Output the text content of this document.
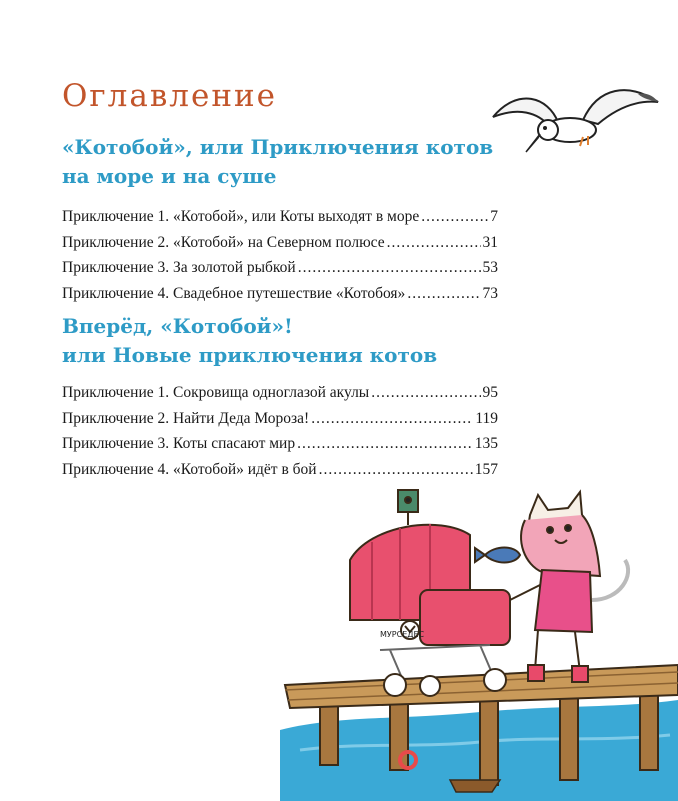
Оглавление
«Котобой», или Приключения котов
на море и на суше
Приключение 1. «Котобой», или Коты выходят в море .....	7
Приключение 2. «Котобой» на Северном полюсе .....	31
Приключение 3. За золотой рыбкой .....	53
Приключение 4. Свадебное путешествие «Котобоя» .....	73
Вперёд, «Котобой»!
или Новые приключения котов
Приключение 1. Сокровища одноглазой акулы .....	95
Приключение 2. Найти Деда Мороза! .....	119
Приключение 3. Коты спасают мир .....	135
Приключение 4. «Котобой» идёт в бой .....	157
МУРСЕДЕС
